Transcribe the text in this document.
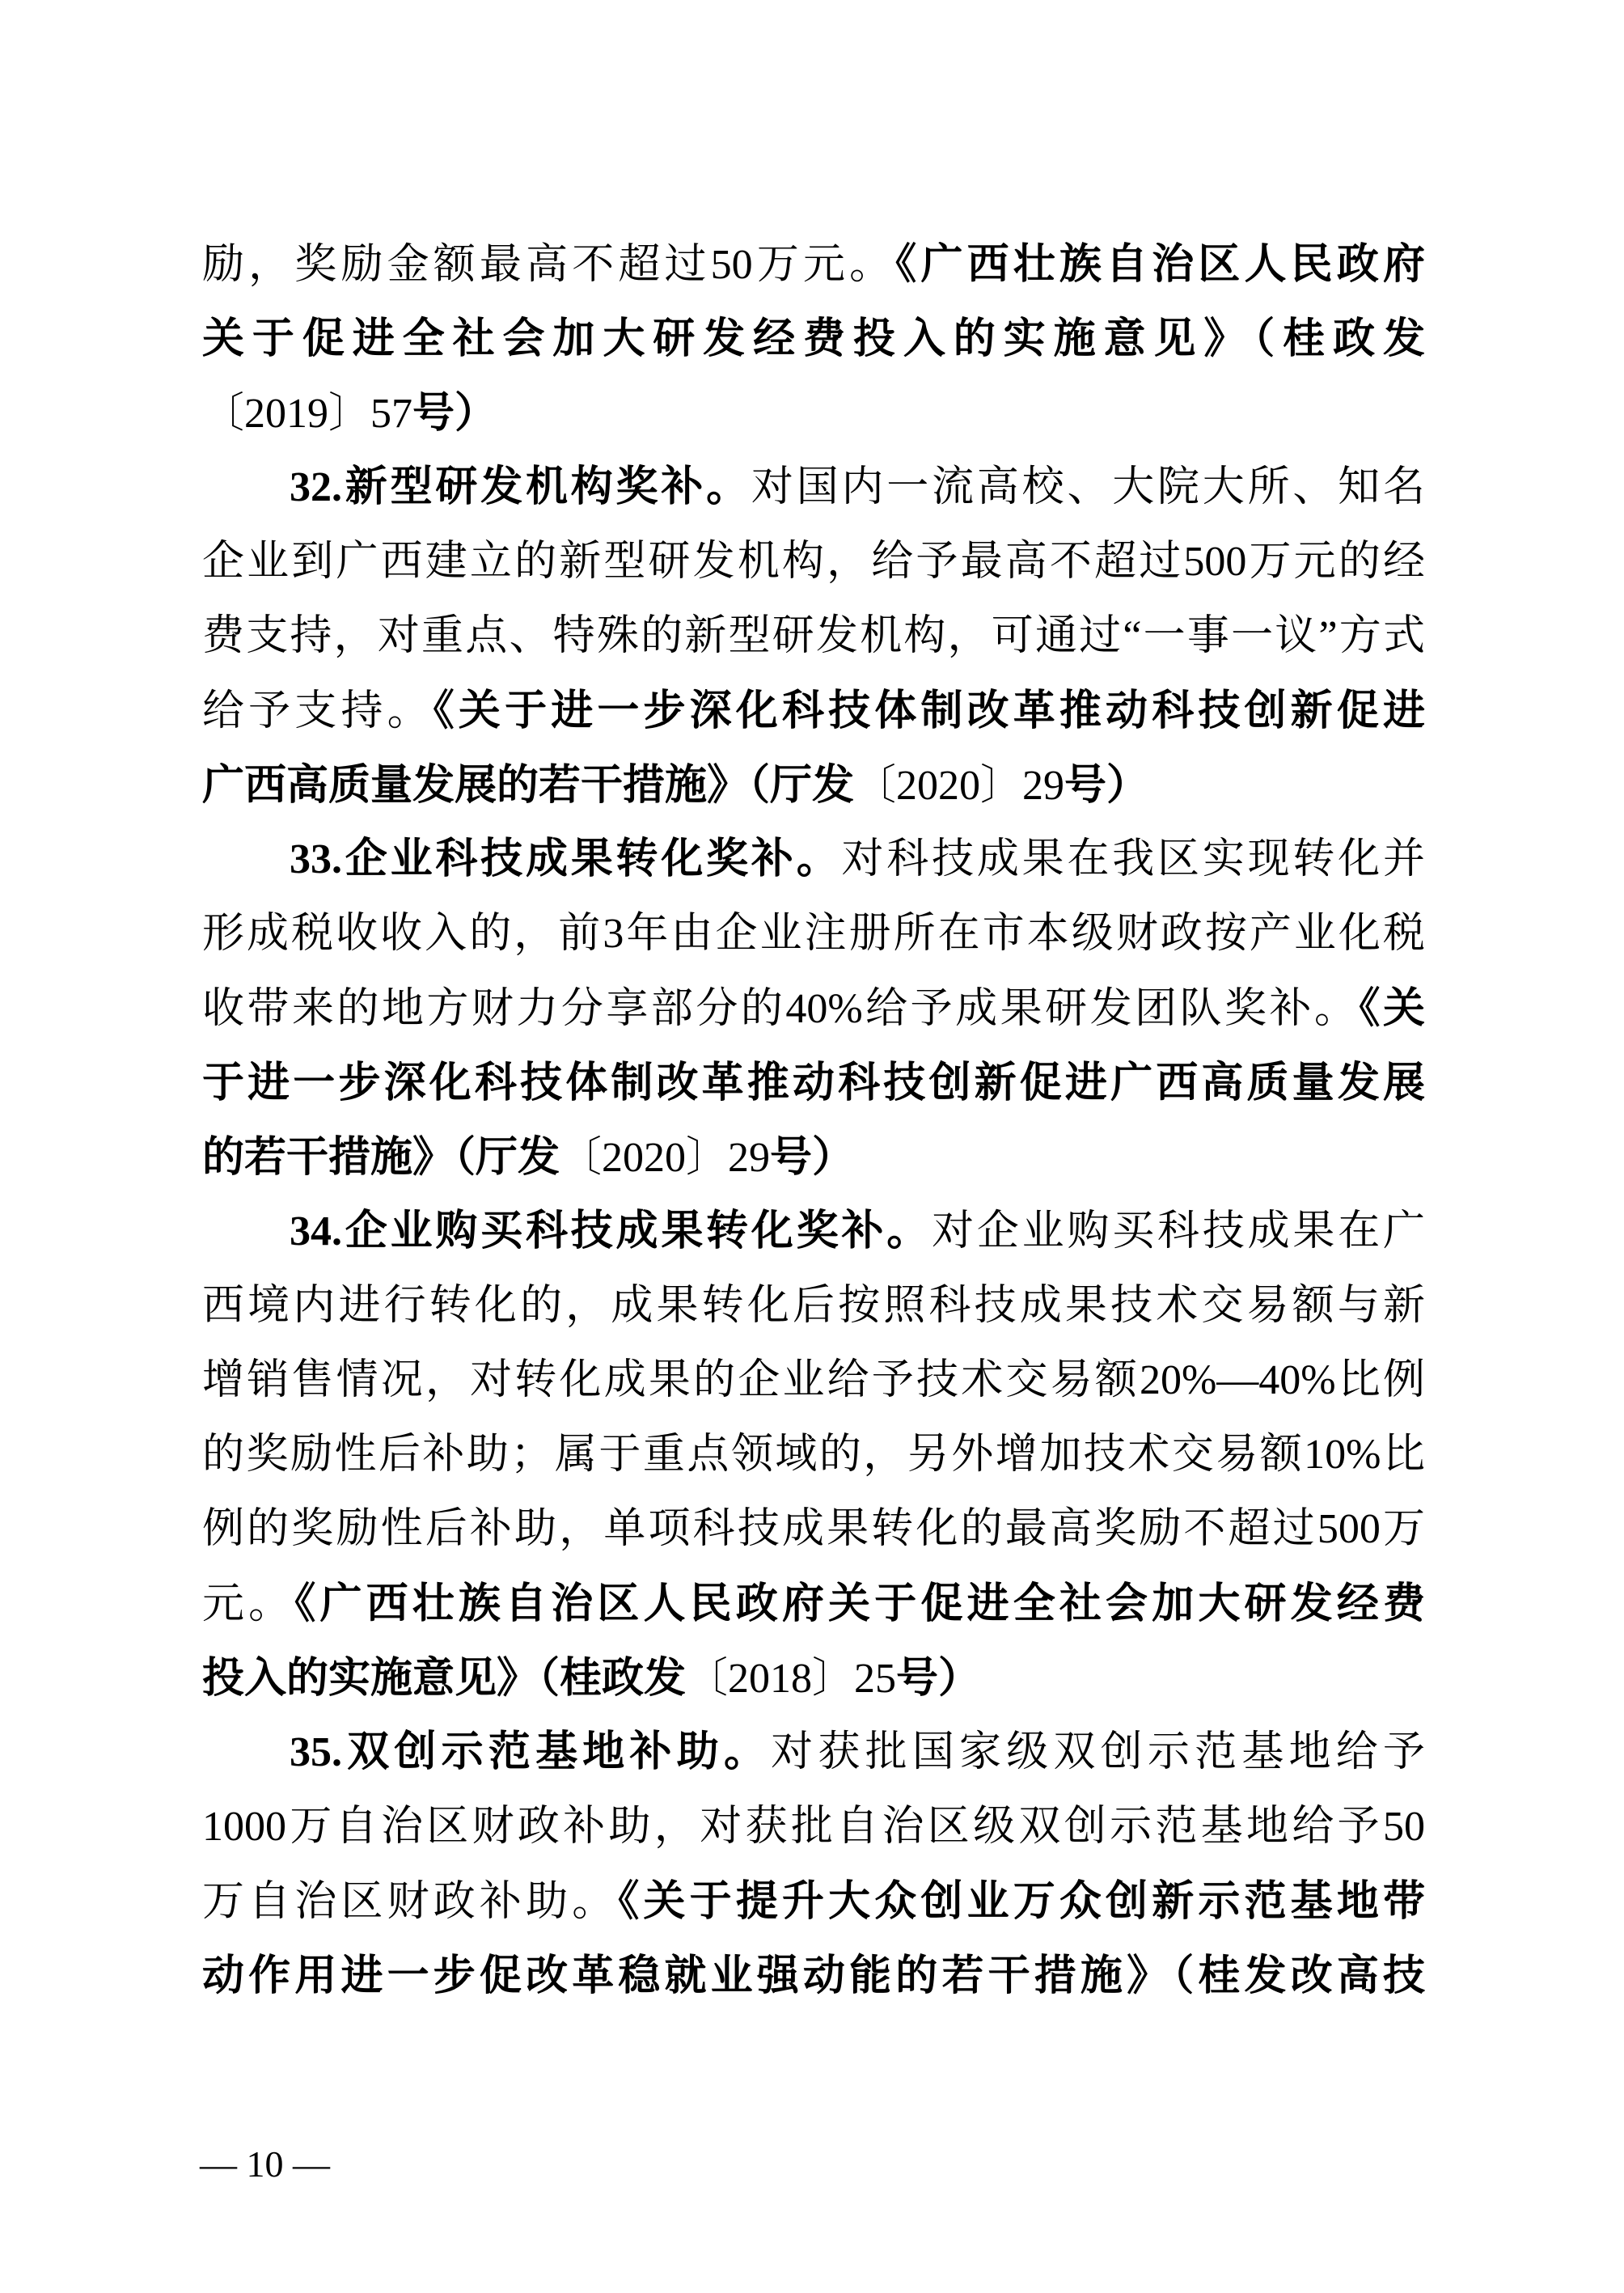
励，奖励金额最高不超过50万元。《广西壮族自治区人民政府
关于促进全社会加大研发经费投入的实施意见》（桂政发
〔2019〕57号）
32.新型研发机构奖补。对国内一流高校、大院大所、知名
企业到广西建立的新型研发机构，给予最高不超过500万元的经
费支持，对重点、特殊的新型研发机构，可通过“一事一议”方式
给予支持。《关于进一步深化科技体制改革推动科技创新促进
广西高质量发展的若干措施》（厅发〔2020〕29号）
33.企业科技成果转化奖补。对科技成果在我区实现转化并
形成税收收入的，前3年由企业注册所在市本级财政按产业化税
收带来的地方财力分享部分的40%给予成果研发团队奖补。《关
于进一步深化科技体制改革推动科技创新促进广西高质量发展
的若干措施》（厅发〔2020〕29号）
34.企业购买科技成果转化奖补。对企业购买科技成果在广
西境内进行转化的，成果转化后按照科技成果技术交易额与新
增销售情况，对转化成果的企业给予技术交易额20%—40%比例
的奖励性后补助；属于重点领域的，另外增加技术交易额10%比
例的奖励性后补助，单项科技成果转化的最高奖励不超过500万
元。《广西壮族自治区人民政府关于促进全社会加大研发经费
投入的实施意见》（桂政发〔2018〕25号）
35.双创示范基地补助。对获批国家级双创示范基地给予
1000万自治区财政补助，对获批自治区级双创示范基地给予50
万自治区财政补助。《关于提升大众创业万众创新示范基地带
动作用进一步促改革稳就业强动能的若干措施》（桂发改高技
— 10 —
